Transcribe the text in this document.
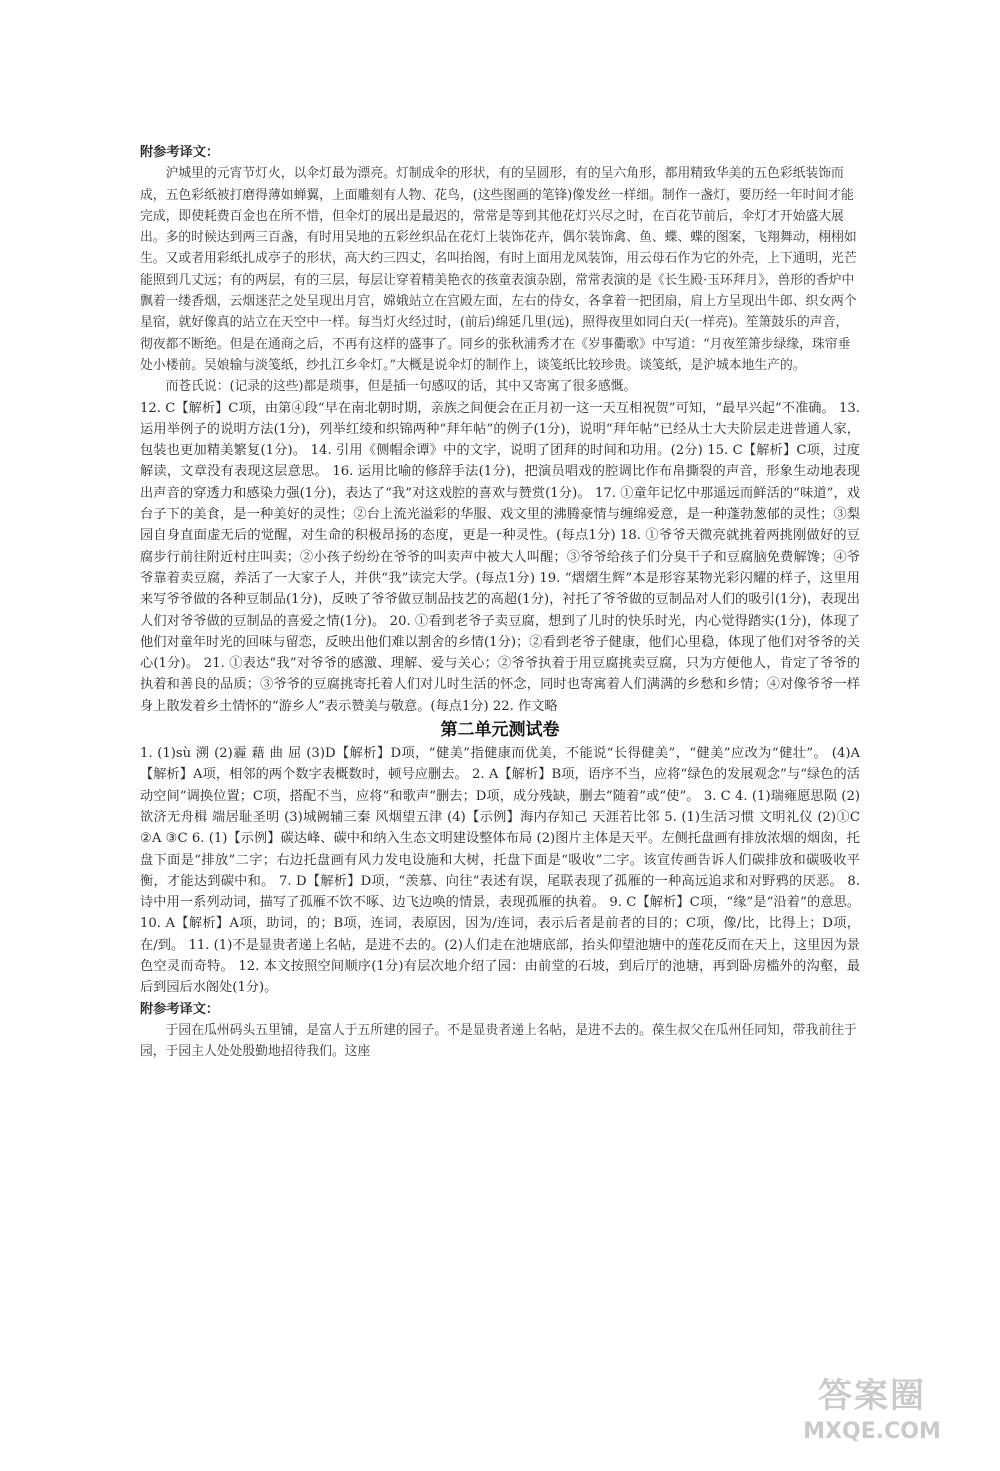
附参考译文：

沪城里的元宵节灯火，以伞灯最为漂亮。灯制成伞的形状，有的呈圆形，有的呈六角形，都用精致华美的五色彩纸装饰而成，五色彩纸被打磨得薄如蝉翼，上面雕刻有人物、花鸟，(这些图画的笔锋)像发丝一样细。制作一盏灯，要历经一年时间才能完成，即使耗费百金也在所不惜，但伞灯的展出是最迟的，常常是等到其他花灯兴尽之时，在百花节前后，伞灯才开始盛大展出。多的时候达到两三百盏，有时用吴地的五彩丝织品在花灯上装饰花卉，偶尔装饰禽、鱼、蝶、蝶的图案，飞翔舞动，栩栩如生。又或者用彩纸扎成亭子的形状，高大约三四丈，名叫抬阁，有时上面用龙凤装饰，用云母石作为它的外壳，上下通明，光芒能照到几丈远；有的两层，有的三层，每层让穿着精美艳衣的孩童表演杂剧，常常表演的是《长生殿·玉环拜月》，兽形的香炉中飘着一缕香烟，云烟迷茫之处呈现出月宫，嫦娥站立在宫殿左面，左右的侍女，各拿着一把团扇，肩上方呈现出牛郎、织女两个星宿，就好像真的站立在天空中一样。每当灯火经过时，(前后)绵延几里(远)，照得夜里如同白天(一样亮)。笙箫鼓乐的声音，彻夜都不断绝。但是在通商之后，不再有这样的盛事了。同乡的张秋浦秀才在《岁事衢歌》中写道：“月夜笙箫步绿缘，珠帘垂处小楼前。吴娘输与淡笺纸，纱扎江乡伞灯。”大概是说伞灯的制作上，谈笺纸比较珍贵。谈笺纸，是沪城本地生产的。

而苍氏说：(记录的这些)都是琐事，但是插一句感叹的话，其中又寄寓了很多感慨。

12. C【解析】C项，由第④段“早在南北朝时期，亲族之间便会在正月初一这一天互相祝贺”可知，“最早兴起”不准确。 13. 运用举例子的说明方法(1分)，列举红绫和织锦两种“拜年帖”的例子(1分)，说明“拜年帖”已经从士大夫阶层走进普通人家，包装也更加精美繁复(1分)。 14. 引用《侧帽余谭》中的文字，说明了团拜的时间和功用。(2分) 15. C【解析】C项，过度解读，文章没有表现这层意思。 16. 运用比喻的修辞手法(1分)，把演员唱戏的腔调比作布帛撕裂的声音，形象生动地表现出声音的穿透力和感染力强(1分)，表达了“我”对这戏腔的喜欢与赞赏(1分)。 17. ①童年记忆中那遥远而鲜活的“味道”，戏台子下的美食，是一种美好的灵性；②台上流光溢彩的华服、戏文里的沸腾豪情与缠绵爱意，是一种蓬勃葱郁的灵性；③梨园自身直面虚无后的觉醒，对生命的积极昂扬的态度，更是一种灵性。(每点1分) 18. ①爷爷天微亮就挑着两挑刚做好的豆腐步行前往附近村庄叫卖；②小孩子纷纷在爷爷的叫卖声中被大人叫醒；③爷爷给孩子们分臭干子和豆腐脑免费解馋；④爷爷靠着卖豆腐，养活了一大家子人，并供“我”读完大学。(每点1分) 19. “熠熠生辉”本是形容某物光彩闪耀的样子，这里用来写爷爷做的各种豆制品(1分)，反映了爷爷做豆制品技艺的高超(1分)，衬托了爷爷做的豆制品对人们的吸引(1分)，表现出人们对爷爷做的豆制品的喜爱之情(1分)。 20. ①看到老爷子卖豆腐，想到了儿时的快乐时光，内心觉得踏实(1分)，体现了他们对童年时光的回味与留恋，反映出他们难以割舍的乡情(1分)；②看到老爷子健康，他们心里稳，体现了他们对爷爷的关心(1分)。 21. ①表达“我”对爷爷的感激、理解、爱与关心；②爷爷执着于用豆腐挑卖豆腐，只为方便他人，肯定了爷爷的执着和善良的品质；③爷爷的豆腐挑寄托着人们对儿时生活的怀念，同时也寄寓着人们满满的乡愁和乡情；④对像爷爷一样身上散发着乡土情怀的“游乡人”表示赞美与敬意。(每点1分) 22. 作文略

第二单元测试卷

1. (1)sù 溯 (2)霾 藉 曲 屈 (3)D【解析】D项，“健美”指健康而优美，不能说“长得健美”，“健美”应改为“健壮”。 (4)A【解析】A项，相邻的两个数字表概数时，顿号应删去。 2. A【解析】B项，语序不当，应将“绿色的发展观念”与“绿色的活动空间”调换位置；C项，搭配不当，应将“和歌声”删去；D项，成分残缺，删去“随着”或“使”。 3. C 4. (1)瑞雍愿思陨 (2)欲济无舟楫 端居耻圣明 (3)城阙辅三秦 风烟望五津 (4)【示例】海内存知己 天涯若比邻 5. (1)生活习惯 文明礼仪 (2)①C ②A ③C 6. (1)【示例】碳达峰、碳中和纳入生态文明建设整体布局 (2)图片主体是天平。左侧托盘画有排放浓烟的烟囱，托盘下面是“排放”二字；右边托盘画有风力发电设施和大树，托盘下面是“吸收”二字。该宣传画告诉人们碳排放和碳吸收平衡，才能达到碳中和。 7. D【解析】D项，“羡慕、向往”表述有误，尾联表现了孤雁的一种高远追求和对野鸦的厌恶。 8. 诗中用一系列动词，描写了孤雁不饮不啄、边飞边唤的情景，表现孤雁的执着。 9. C【解析】C项，“缘”是“沿着”的意思。 10. A【解析】A项，助词，的；B项，连词，表原因，因为/连词，表示后者是前者的目的；C项，像/比，比得上；D项，在/到。 11. (1)不是显贵者递上名帖，是进不去的。(2)人们走在池塘底部，抬头仰望池塘中的莲花反而在天上，这里因为景色空灵而奇特。 12. 本文按照空间顺序(1分)有层次地介绍了园：由前堂的石坡，到后厅的池塘，再到卧房槛外的沟壑，最后到园后水阁处(1分)。

附参考译文：

于园在瓜州码头五里铺，是富人于五所建的园子。不是显贵者递上名帖，是进不去的。葆生叔父在瓜州任同知，带我前往于园，于园主人处处殷勤地招待我们。这座

答案圈
MXQE.COM
